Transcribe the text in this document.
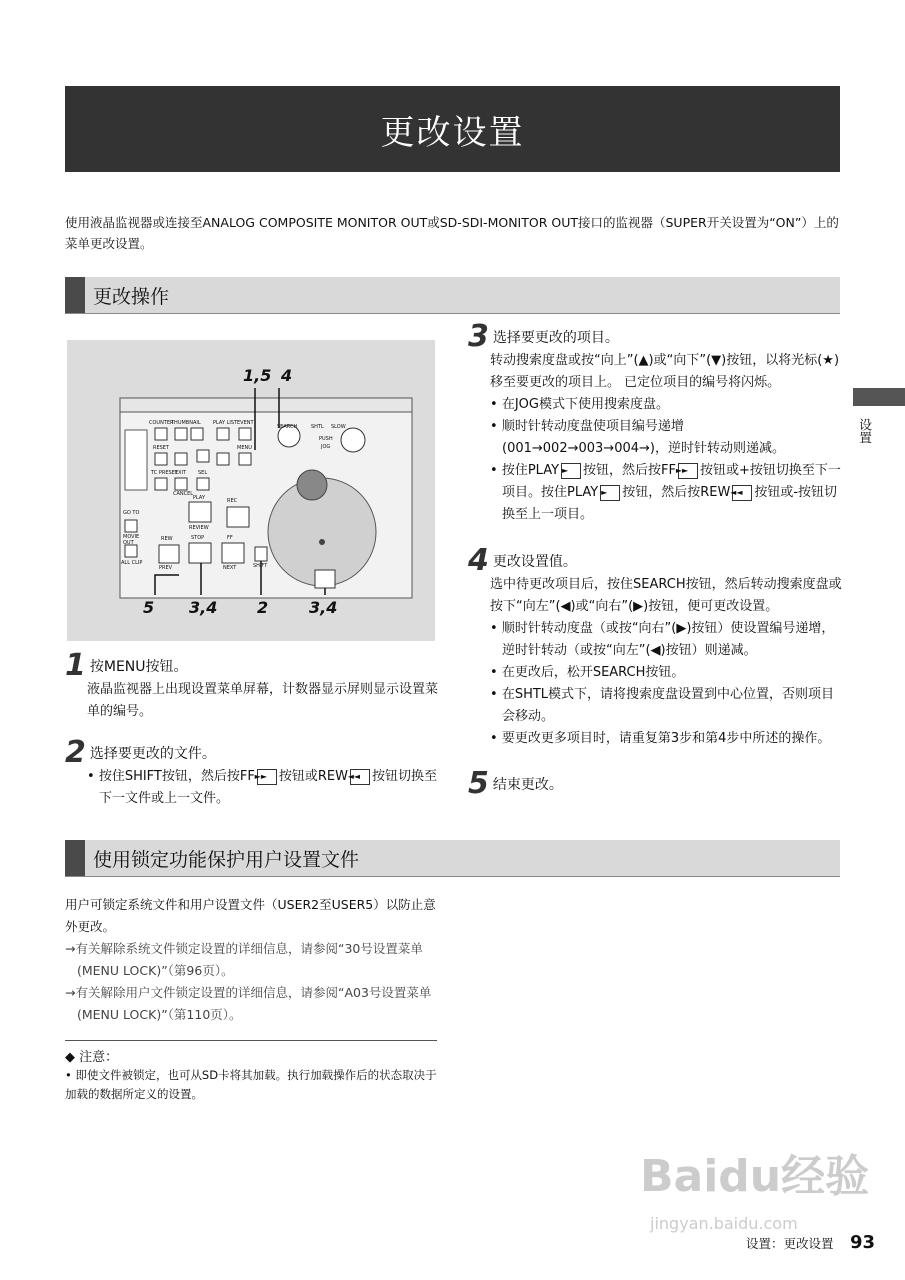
更改设置
使用液晶监视器或连接至ANALOG COMPOSITE MONITOR OUT或SD-SDI-MONITOR OUT接口的监视器（SUPER开关设置为“ON”）上的菜单更改设置。
更改操作
1,5 4
5 3,4 2	3,4
COUNTER
THUMBNAIL PLAY LIST EVENT
RESET	MENU
TC PRESET
EXIT SEL
CANCEL
SEARCH	SHTL SLOW
PUSH
JOG
GO TO
MOVIE
OUT
ALL CLIP
PLAY	REC
REVIEW
REW	STOP	FF
PREV	NEXT	SHIFT
1 按MENU按钮。
液晶监视器上出现设置菜单屏幕，计数器显示屏则显示设置菜单的编号。
2 选择要更改的文件。
• 按住SHIFT按钮，然后按FF►► 按钮或REW◄◄ 按钮切换至下一文件或上一文件。
3 选择要更改的项目。
转动搜索度盘或按“向上”(▲)或“向下”(▼)按钮，以将光标(★)移至要更改的项目上。 已定位项目的编号将闪烁。
• 在JOG模式下使用搜索度盘。
• 顺时针转动度盘使项目编号递增
(001→002→003→004→)，逆时针转动则递减。
• 按住PLAY ► 按钮，然后按FF►► 按钮或+按钮切换至下一项目。按住PLAY ► 按钮，然后按REW◄◄ 按钮或-按钮切换至上一项目。
4 更改设置值。
选中待更改项目后，按住SEARCH按钮，然后转动搜索度盘或按下“向左”(◀)或“向右”(▶)按钮，便可更改设置。
• 顺时针转动度盘（或按“向右”(▶)按钮）使设置编号递增，逆时针转动（或按“向左”(◀)按钮）则递减。
• 在更改后，松开SEARCH按钮。
• 在SHTL模式下，请将搜索度盘设置到中心位置，否则项目会移动。
• 要更改更多项目时，请重复第3步和第4步中所述的操作。
5 结束更改。
使用锁定功能保护用户设置文件
用户可锁定系统文件和用户设置文件（USER2至USER5）以防止意外更改。
→有关解除系统文件锁定设置的详细信息，请参阅“30号设置菜单(MENU LOCK)”（第96页）。
→有关解除用户文件锁定设置的详细信息，请参阅“A03号设置菜单(MENU LOCK)”（第110页）。
◆ 注意：
• 即使文件被锁定，也可从SD卡将其加载。执行加载操作后的状态取决于加载的数据所定义的设置。
设置
Baidu经验
jingyan.baidu.com
设置：更改设置 93
